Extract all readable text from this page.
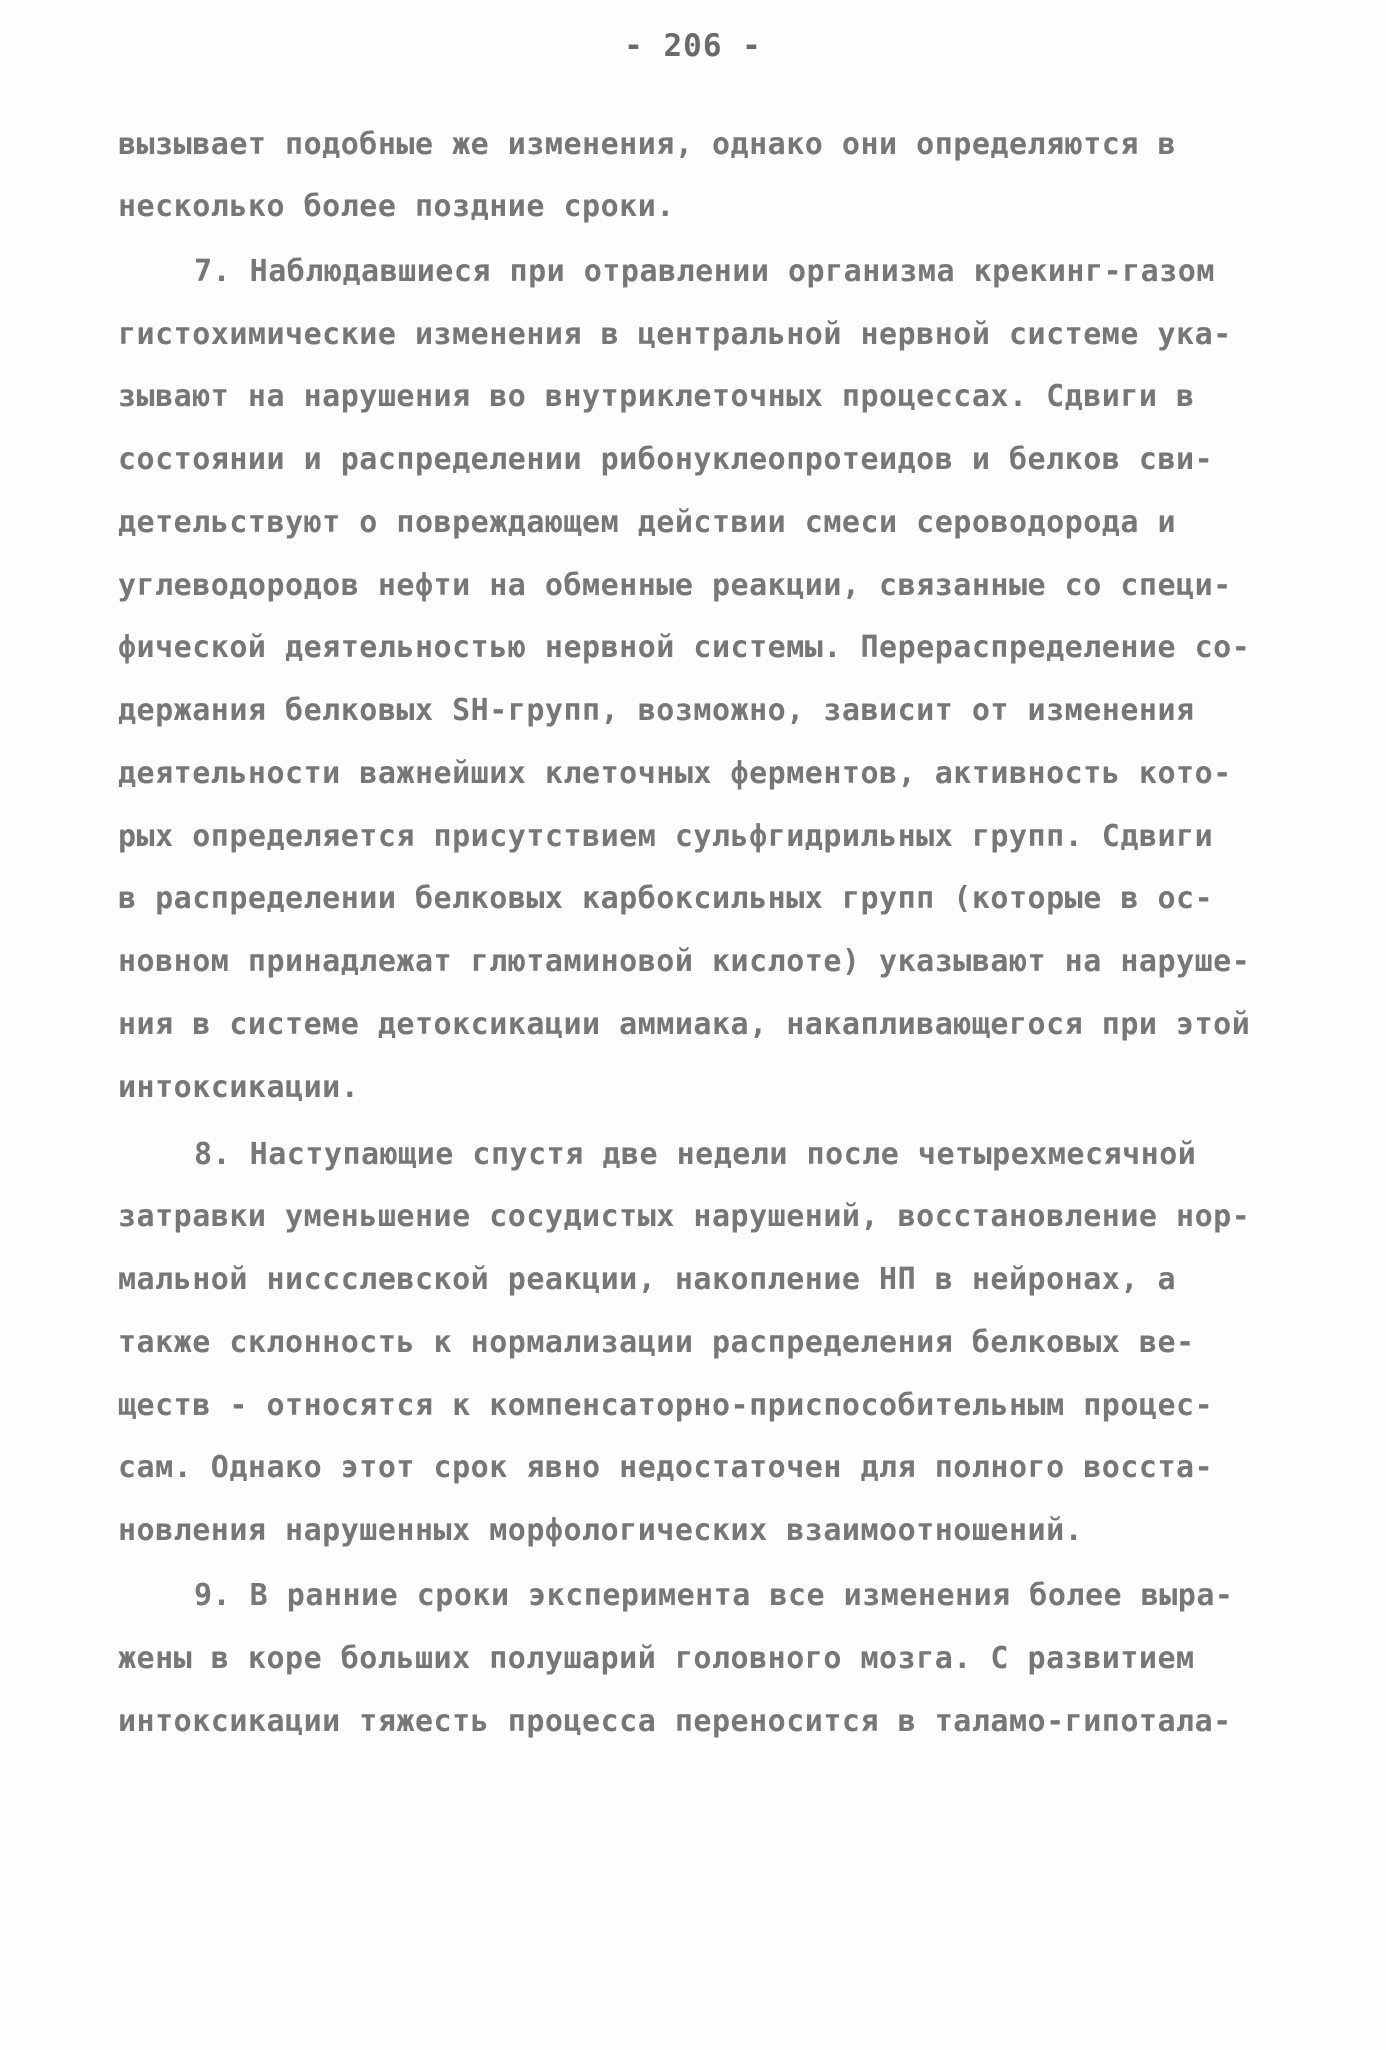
- 206 -
вызывает подобные же изменения, однако они определяются в
несколько более поздние сроки.
7. Наблюдавшиеся при отравлении организма крекинг-газом
гистохимические изменения в центральной нервной системе ука-
зывают на нарушения во внутриклеточных процессах. Сдвиги в
состоянии и распределении рибонуклеопротеидов и белков сви-
детельствуют о повреждающем действии смеси сероводорода и
углеводородов нефти на обменные реакции, связанные со специ-
фической деятельностью нервной системы. Перераспределение со-
держания белковых SH-групп, возможно, зависит от изменения
деятельности важнейших клеточных ферментов, активность кото-
рых определяется присутствием сульфгидрильных групп. Сдвиги
в распределении белковых карбоксильных групп (которые в ос-
новном принадлежат глютаминовой кислоте) указывают на наруше-
ния в системе детоксикации аммиака, накапливающегося при этой
интоксикации.
8. Наступающие спустя две недели после четырехмесячной
затравки уменьшение сосудистых нарушений, восстановление нор-
мальной ниссслевской реакции, накопление НП в нейронах, а
также склонность к нормализации распределения белковых ве-
ществ - относятся к компенсаторно-приспособительным процес-
сам. Однако этот срок явно недостаточен для полного восста-
новления нарушенных морфологических взаимоотношений.
9. В ранние сроки эксперимента все изменения более выра-
жены в коре больших полушарий головного мозга. С развитием
интоксикации тяжесть процесса переносится в таламо-гипотала-
